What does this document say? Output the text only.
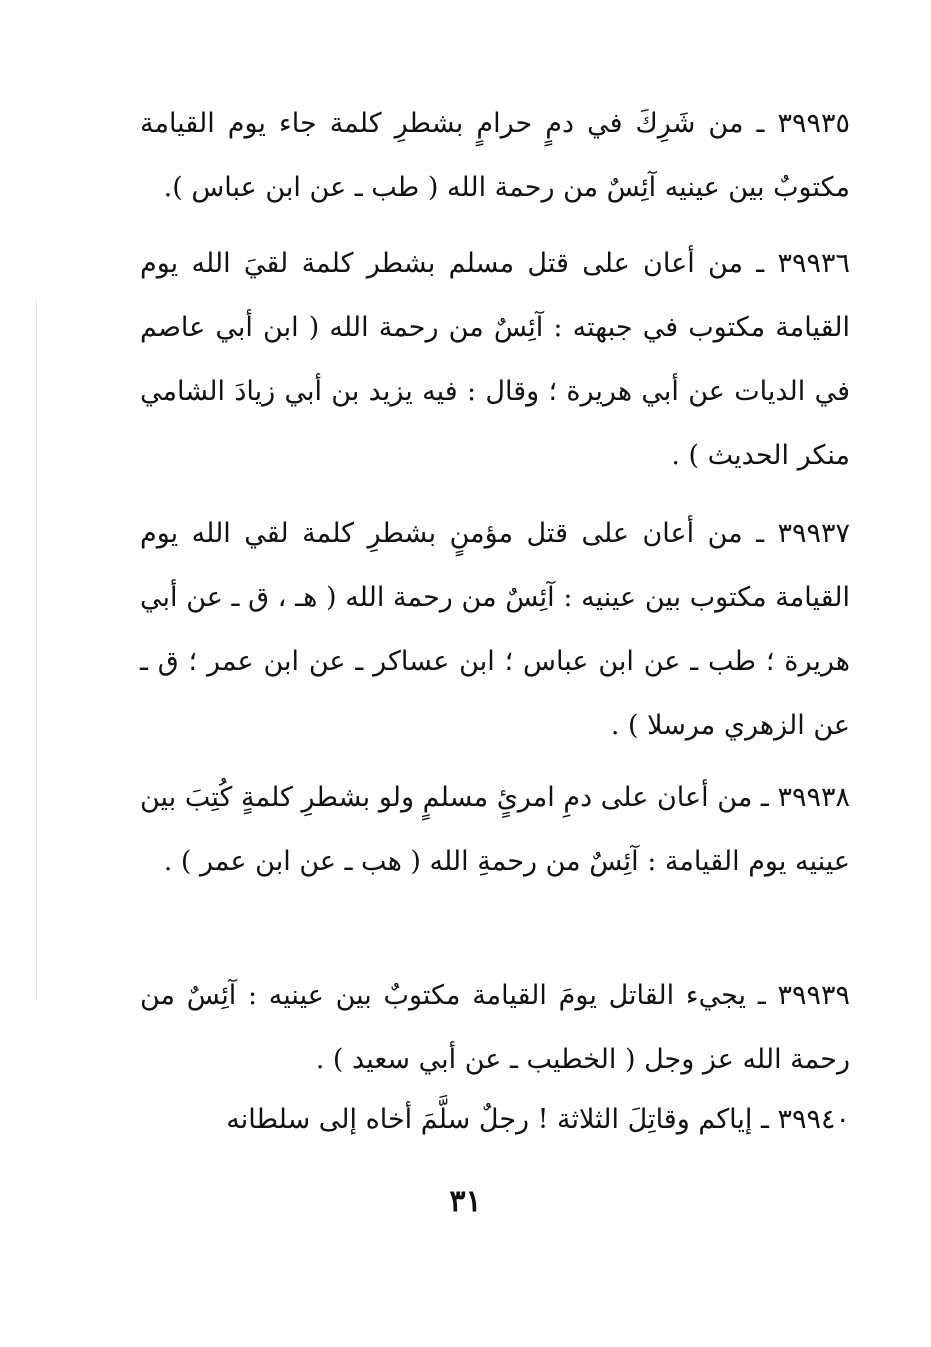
٣٩٩٣٥ ـ من شَرِكَ في دمٍ حرامٍ بشطرِ كلمة جاء يوم القيامة مكتوبٌ بين عينيه آئِسٌ من رحمة الله ( طب ـ عن ابن عباس ).

٣٩٩٣٦ ـ من أعان على قتل مسلم بشطر كلمة لقيَ الله يوم القيامة مكتوب في جبهته : آئِسٌ من رحمة الله ( ابن أبي عاصم في الديات عن أبي هريرة ؛ وقال : فيه يزيد بن أبي زيادَ الشامي منكر الحديث ) .

٣٩٩٣٧ ـ من أعان على قتل مؤمنٍ بشطرِ كلمة لقي الله يوم القيامة مكتوب بين عينيه : آئِسٌ من رحمة الله ( هـ ، ق ـ عن أبي هريرة ؛ طب ـ عن ابن عباس ؛ ابن عساكر ـ عن ابن عمر ؛ ق ـ عن الزهري مرسلا ) .

٣٩٩٣٨ ـ من أعان على دمِ امرئٍ مسلمٍ ولو بشطرِ كلمةٍ كُتِبَ بين عينيه يوم القيامة : آئِسٌ من رحمةِ الله ( هب ـ عن ابن عمر ) .

٣٩٩٣٩ ـ يجيء القاتل يومَ القيامة مكتوبٌ بين عينيه : آئِسٌ من رحمة الله عز وجل ( الخطيب ـ عن أبي سعيد ) .

٣٩٩٤٠ ـ إياكم وقاتِلَ الثلاثة ! رجلٌ سلَّمَ أخاه إلى سلطانه

٣١
